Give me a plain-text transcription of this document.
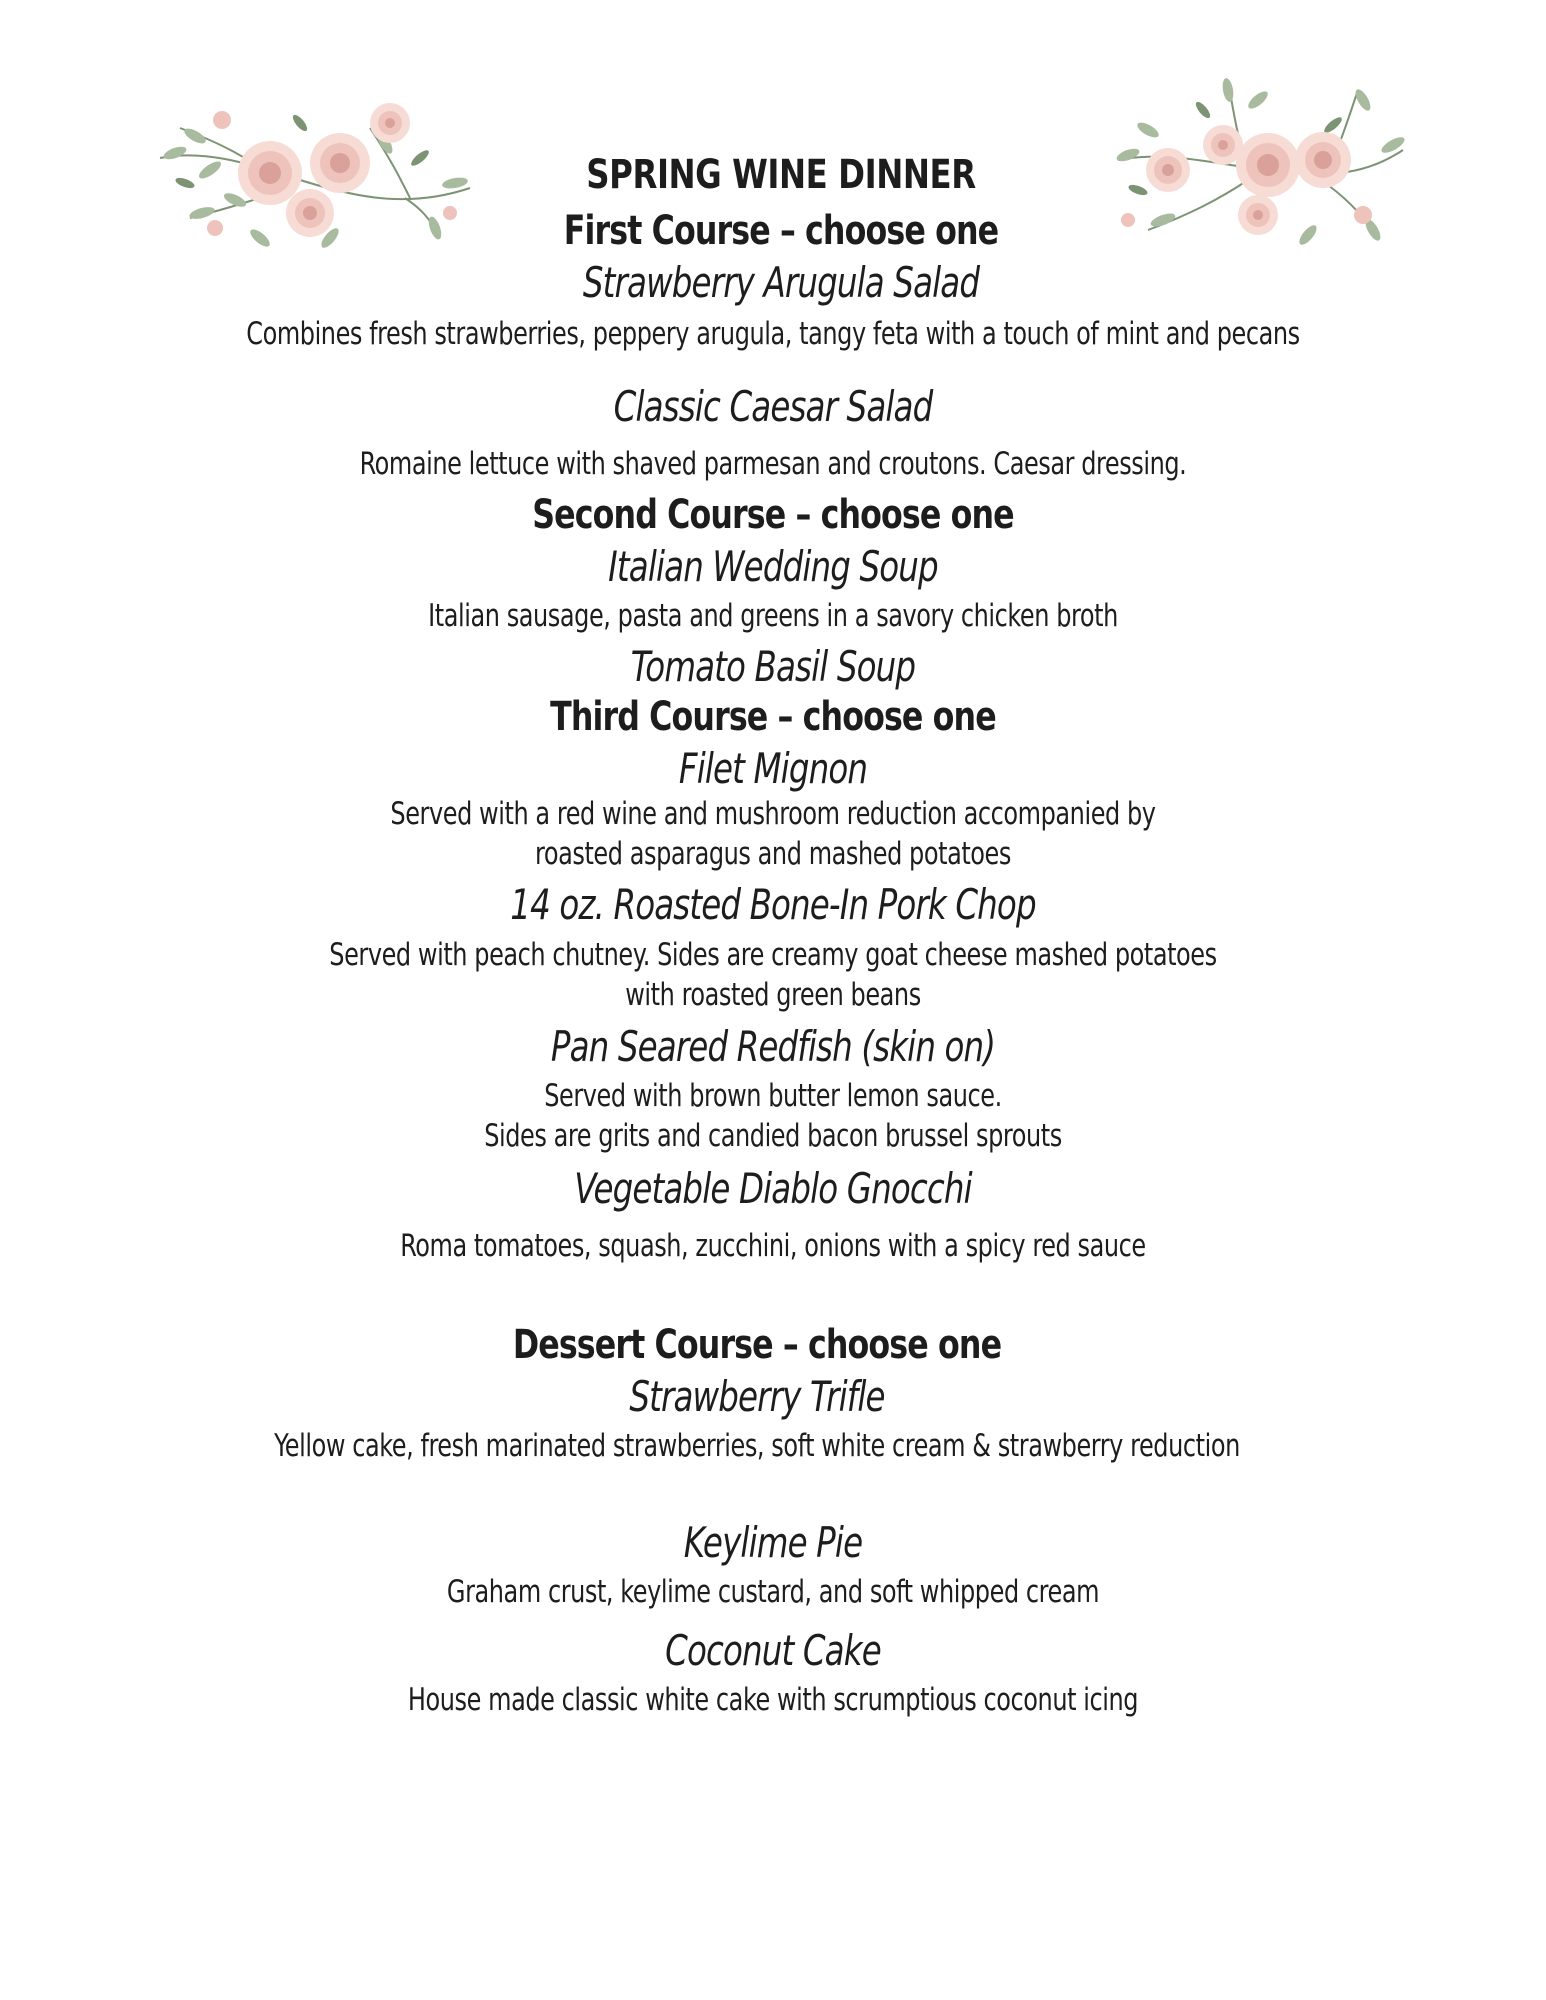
SPRING WINE DINNER

First Course – choose one

Strawberry Arugula Salad

Combines fresh strawberries, peppery arugula, tangy feta with a touch of mint and pecans

Classic Caesar Salad

Romaine lettuce with shaved parmesan and croutons. Caesar dressing.

Second Course – choose one

Italian Wedding Soup

Italian sausage, pasta and greens in a savory chicken broth

Tomato Basil Soup

Third Course – choose one

Filet Mignon

Served with a red wine and mushroom reduction accompanied by

roasted asparagus and mashed potatoes

14 oz. Roasted Bone-In Pork Chop

Served with peach chutney. Sides are creamy goat cheese mashed potatoes

with roasted green beans

Pan Seared Redfish (skin on)

Served with brown butter lemon sauce.

Sides are grits and candied bacon brussel sprouts

Vegetable Diablo Gnocchi

Roma tomatoes, squash, zucchini, onions with a spicy red sauce

Dessert Course – choose one

Strawberry Trifle

Yellow cake, fresh marinated strawberries, soft white cream & strawberry reduction

Keylime Pie

Graham crust, keylime custard, and soft whipped cream

Coconut Cake

House made classic white cake with scrumptious coconut icing
